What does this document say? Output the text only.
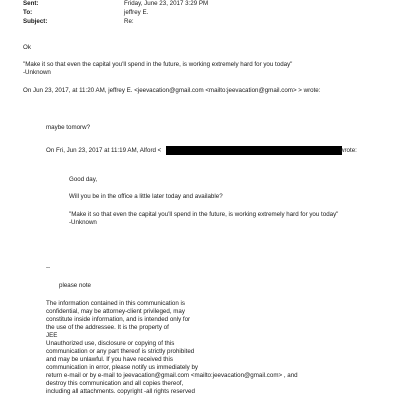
Sent:	Friday, June 23, 2017 3:29 PM
To:	jeffrey E.
Subject:	Re:
Ok
"Make it so that even the capital you'll spend in the future, is working extremely hard for you today"
-Unknown
On Jun 23, 2017, at 11:20 AM, jeffrey E. <jeevacation@gmail.com <mailto:jeevacation@gmail.com> > wrote:
maybe tomorw?
On Fri, Jun 23, 2017 at 11:19 AM, Alford <	wrote:
Good day,
Will you be in the office a little later today and available?
"Make it so that even the capital you'll spend in the future, is working extremely hard for you today"
-Unknown
--
please note
The information contained in this communication is
confidential, may be attorney-client privileged, may
constitute inside information, and is intended only for
the use of the addressee. It is the property of
JEE
Unauthorized use, disclosure or copying of this
communication or any part thereof is strictly prohibited
and may be unlawful. If you have received this
communication in error, please notify us immediately by
return e-mail or by e-mail to jeevacation@gmail.com <mailto:jeevacation@gmail.com> , and
destroy this communication and all copies thereof,
including all attachments. copyright -all rights reserved
